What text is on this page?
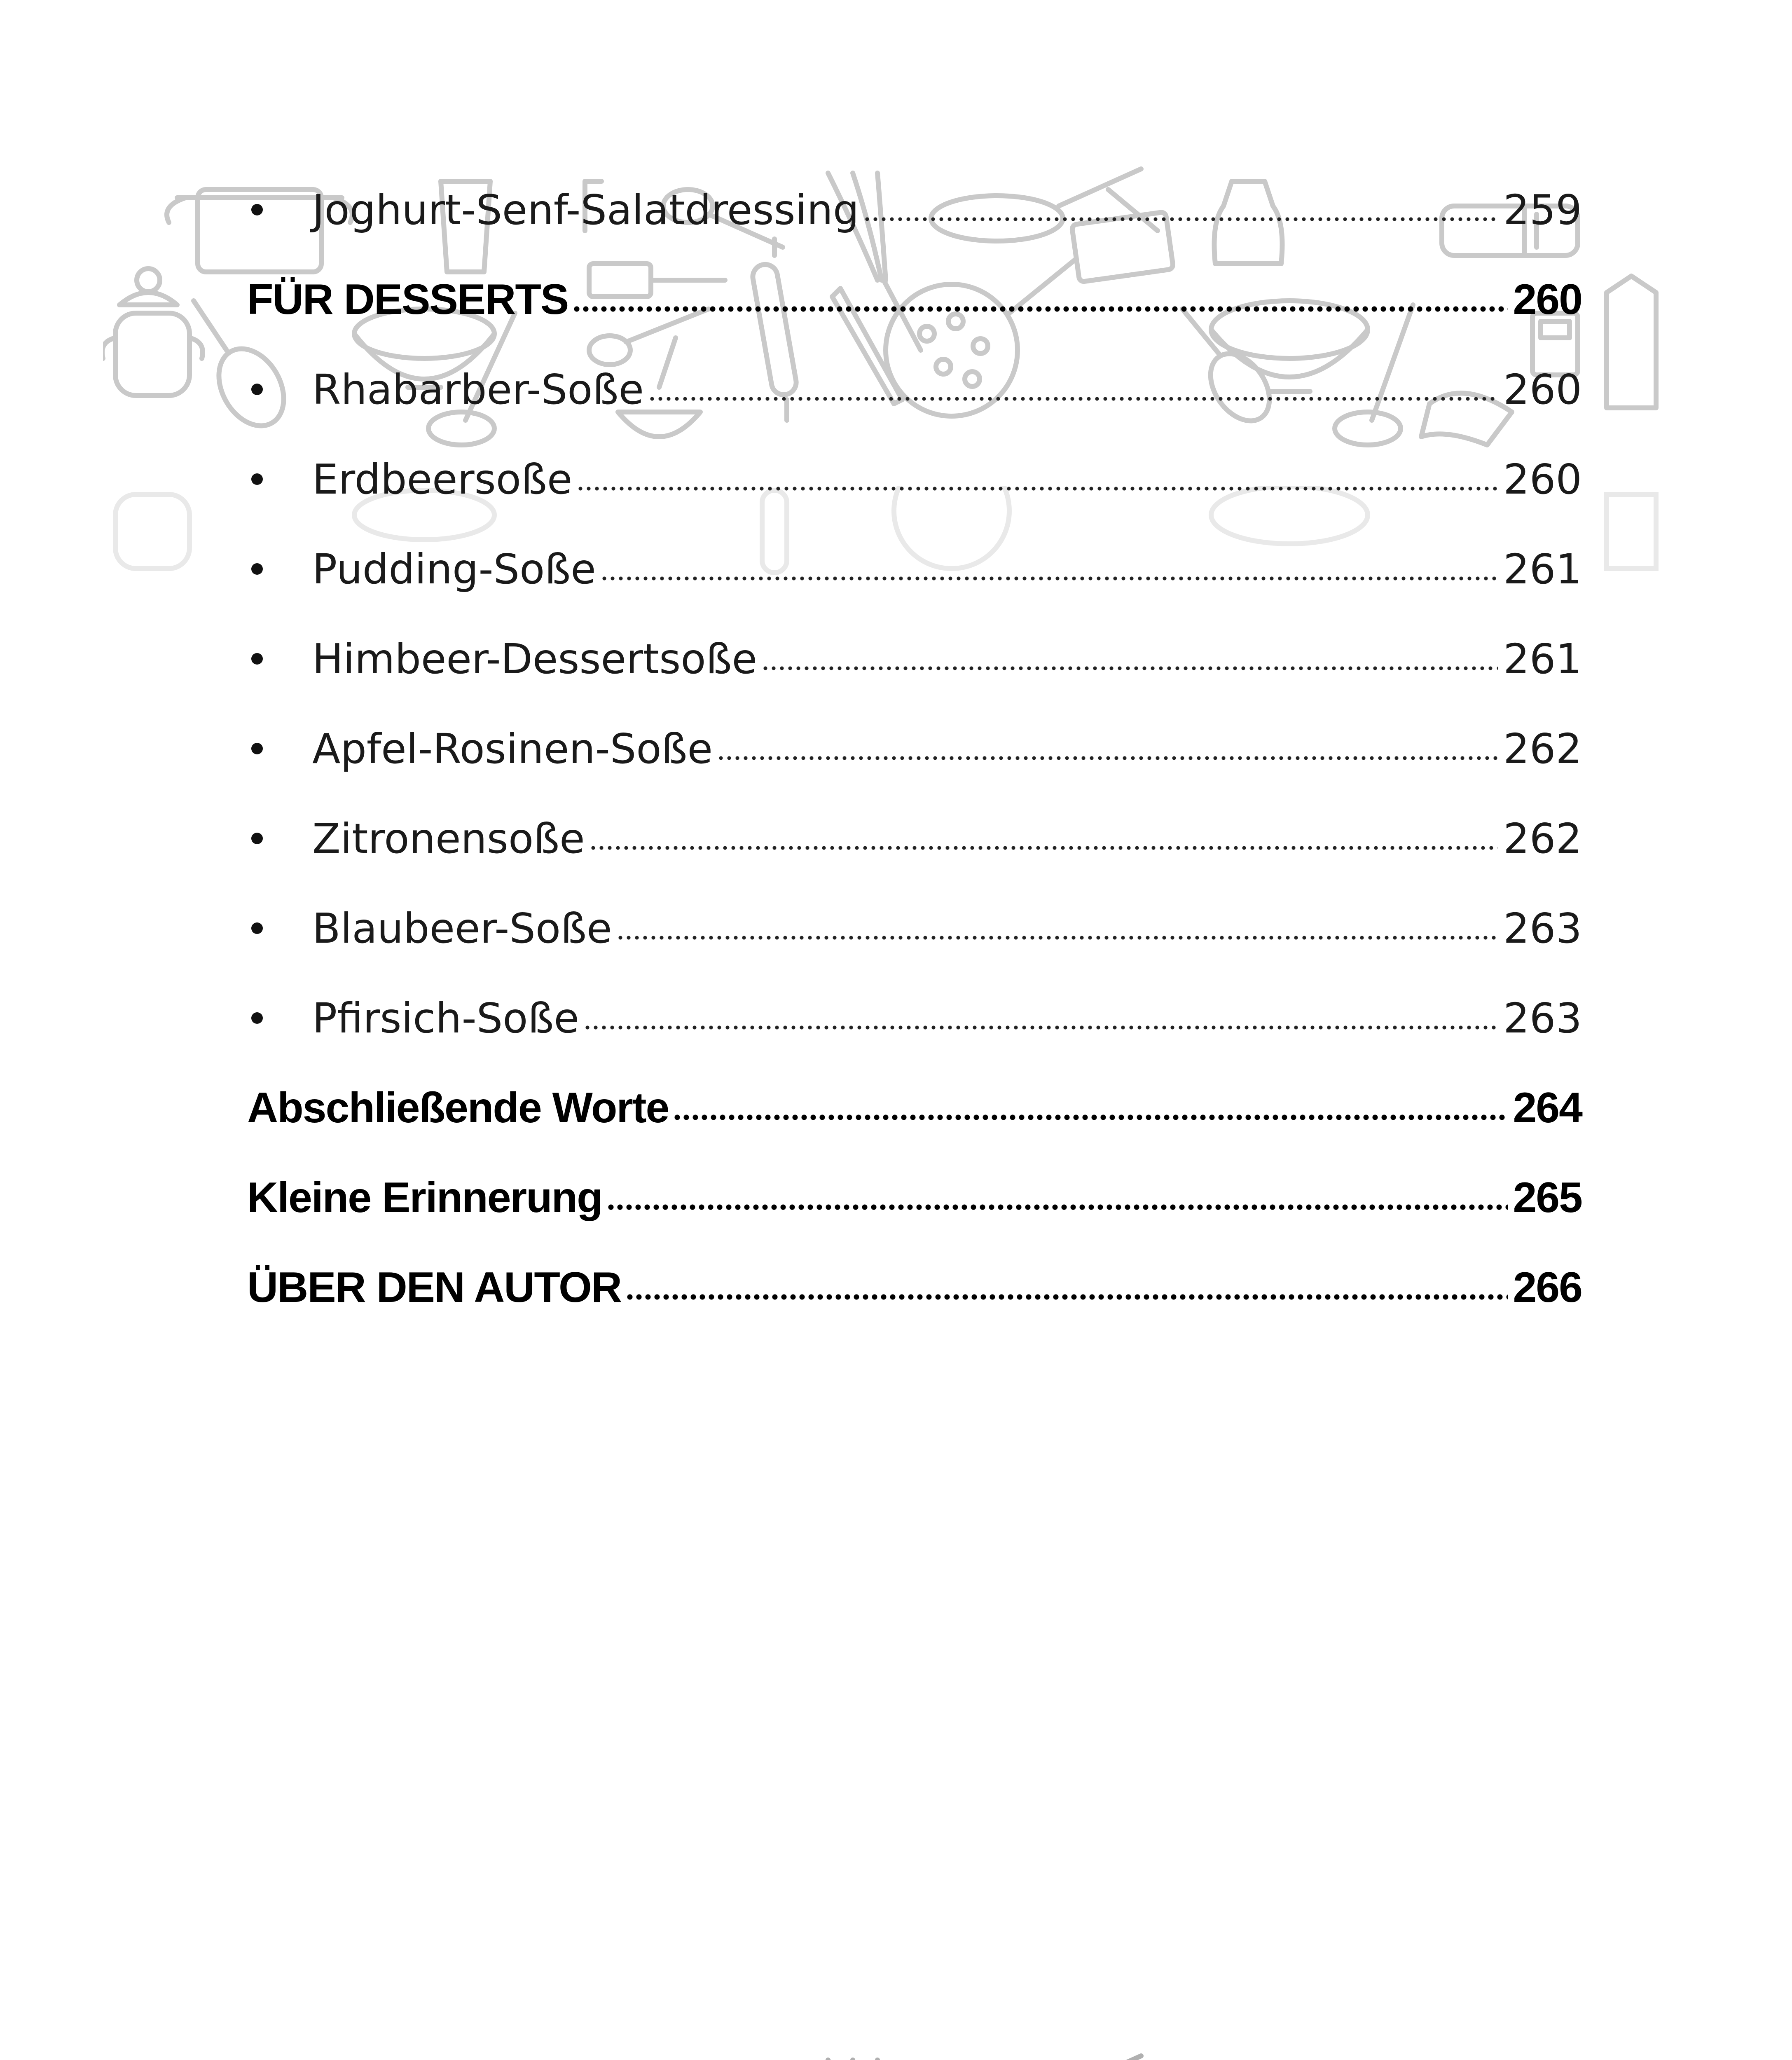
Joghurt-Senf-Salatdressing	259
FÜR DESSERTS	260
Rhabarber-Soße	260
Erdbeersoße	260
Pudding-Soße	261
Himbeer-Dessertsoße	261
Apfel-Rosinen-Soße	262
Zitronensoße	262
Blaubeer-Soße	263
Pfirsich-Soße	263
Abschließende Worte	264
Kleine Erinnerung	265
ÜBER DEN AUTOR	266
